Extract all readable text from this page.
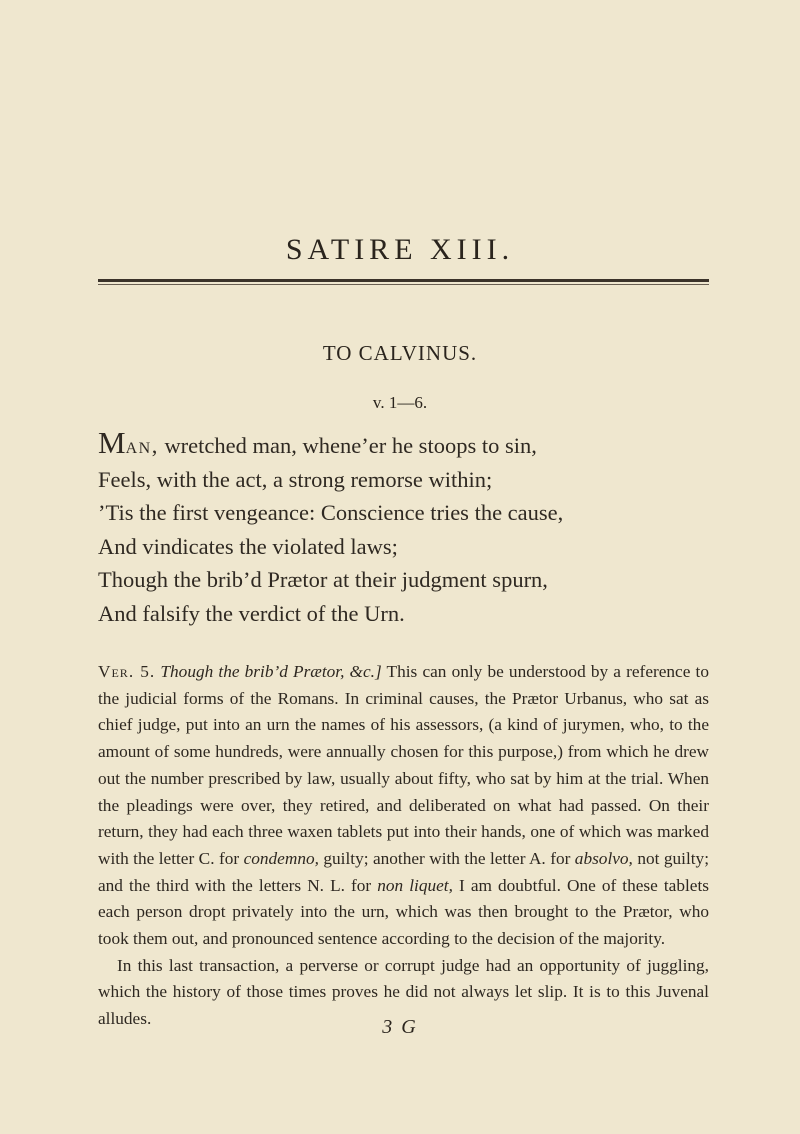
SATIRE XIII.
TO CALVINUS.
v. 1—6.
Man, wretched man, whene’er he stoops to sin,
Feels, with the act, a strong remorse within;
’Tis the first vengeance: Conscience tries the cause,
And vindicates the violated laws;
Though the brib’d Prætor at their judgment spurn,
And falsify the verdict of the Urn.

Ver. 5. Though the brib’d Prætor, &c.] This can only be understood by a reference to the judicial forms of the Romans. In criminal causes, the Prætor Urbanus, who sat as chief judge, put into an urn the names of his assessors, (a kind of jurymen, who, to the amount of some hundreds, were annually chosen for this purpose,) from which he drew out the number prescribed by law, usually about fifty, who sat by him at the trial. When the pleadings were over, they retired, and deliberated on what had passed. On their return, they had each three waxen tablets put into their hands, one of which was marked with the letter C. for condemno, guilty; another with the letter A. for absolvo, not guilty; and the third with the letters N. L. for non liquet, I am doubtful. One of these tablets each person dropt privately into the urn, which was then brought to the Prætor, who took them out, and pronounced sentence according to the decision of the majority.

In this last transaction, a perverse or corrupt judge had an opportunity of juggling, which the history of those times proves he did not always let slip. It is to this Juvenal alludes.	3 G
